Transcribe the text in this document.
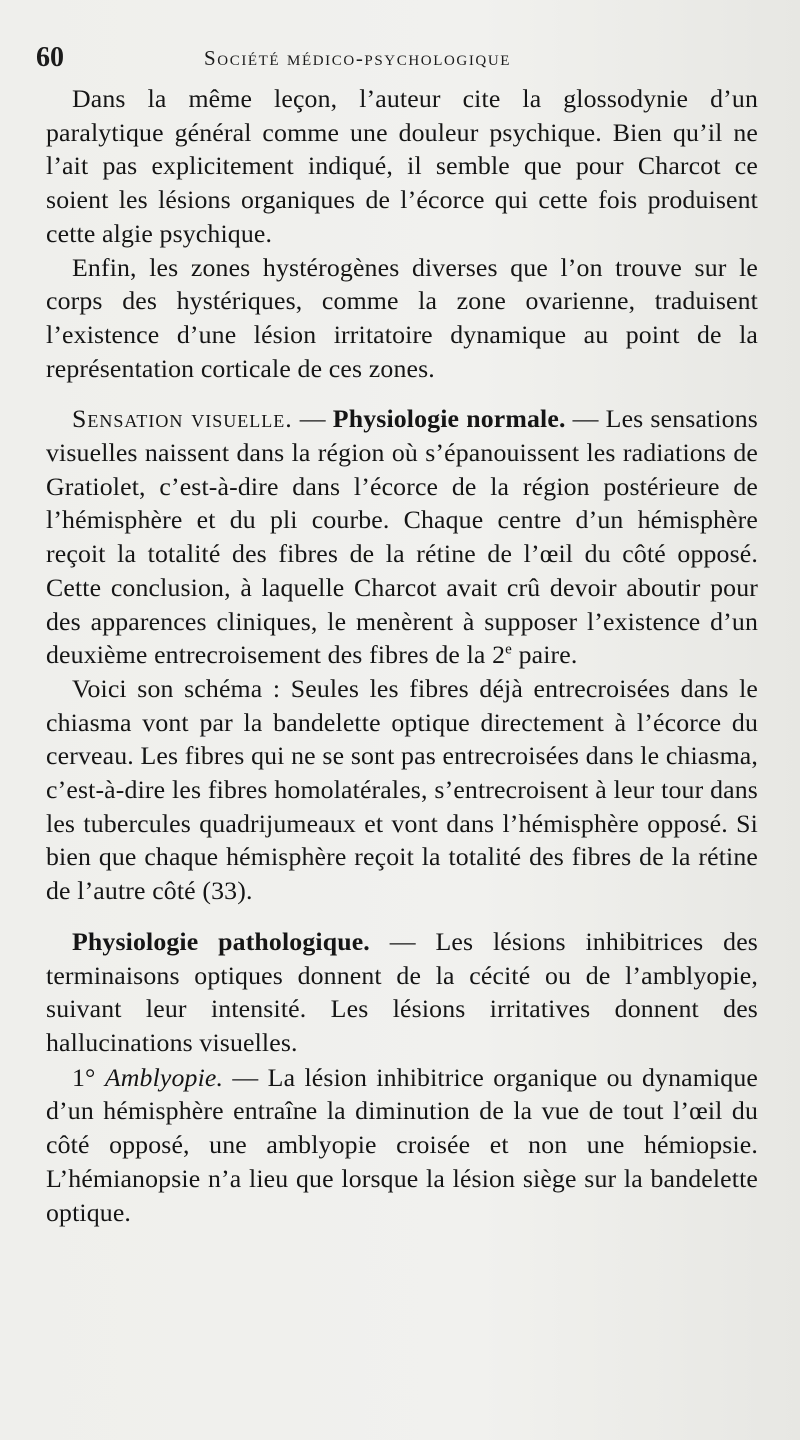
60	Société médico-psychologique

Dans la même leçon, l’auteur cite la glossodynie d’un paralytique général comme une douleur psychique. Bien qu’il ne l’ait pas explicitement indiqué, il semble que pour Charcot ce soient les lésions organiques de l’écorce qui cette fois produisent cette algie psychique.

Enfin, les zones hystérogènes diverses que l’on trouve sur le corps des hystériques, comme la zone ovarienne, traduisent l’existence d’une lésion irritatoire dynamique au point de la représentation corticale de ces zones.

Sensation visuelle. — Physiologie normale. — Les sensations visuelles naissent dans la région où s’épanouissent les radiations de Gratiolet, c’est-à-dire dans l’écorce de la région postérieure de l’hémisphère et du pli courbe. Chaque centre d’un hémisphère reçoit la totalité des fibres de la rétine de l’œil du côté opposé. Cette conclusion, à laquelle Charcot avait crû devoir aboutir pour des apparences cliniques, le menèrent à supposer l’existence d’un deuxième entrecroisement des fibres de la 2e paire.

Voici son schéma : Seules les fibres déjà entrecroisées dans le chiasma vont par la bandelette optique directement à l’écorce du cerveau. Les fibres qui ne se sont pas entrecroisées dans le chiasma, c’est-à-dire les fibres homolatérales, s’entrecroisent à leur tour dans les tubercules quadrijumeaux et vont dans l’hémisphère opposé. Si bien que chaque hémisphère reçoit la totalité des fibres de la rétine de l’autre côté (33).

Physiologie pathologique. — Les lésions inhibitrices des terminaisons optiques donnent de la cécité ou de l’amblyopie, suivant leur intensité. Les lésions irritatives donnent des hallucinations visuelles.

1° Amblyopie. — La lésion inhibitrice organique ou dynamique d’un hémisphère entraîne la diminution de la vue de tout l’œil du côté opposé, une amblyopie croisée et non une hémiopsie. L’hémianopsie n’a lieu que lorsque la lésion siège sur la bandelette optique.
